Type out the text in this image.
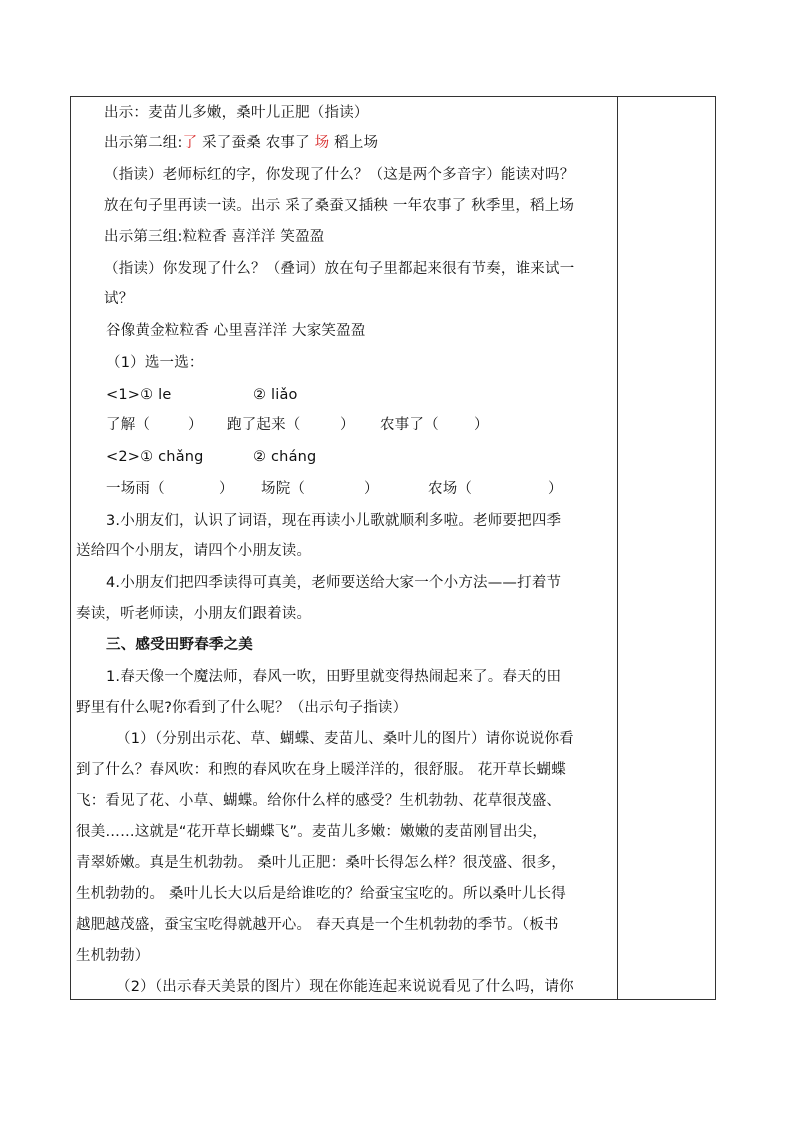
出示：麦苗儿多嫩，桑叶儿正肥（指读）
出示第二组:了 采了蚕桑 农事了 场 稻上场
（指读）老师标红的字，你发现了什么？（这是两个多音字）能读对吗？
放在句子里再读一读。出示 采了桑蚕又插秧 一年农事了 秋季里，稻上场
出示第三组:粒粒香 喜洋洋 笑盈盈
（指读）你发现了什么？（叠词）放在句子里都起来很有节奏，谁来试一
试？
谷像黄金粒粒香 心里喜洋洋 大家笑盈盈
（1）选一选：
<1>① le	② liǎo
了解（	） 跑了起来（	） 农事了（ ）
<2>① chǎng	② cháng
一场雨（	） 场院（	）	农场（	）
3.小朋友们，认识了词语，现在再读小儿歌就顺利多啦。老师要把四季
送给四个小朋友，请四个小朋友读。
4.小朋友们把四季读得可真美，老师要送给大家一个小方法——打着节
奏读，听老师读，小朋友们跟着读。
三、感受田野春季之美
1.春天像一个魔法师，春风一吹，田野里就变得热闹起来了。春天的田
野里有什么呢?你看到了什么呢？（出示句子指读）
（1）（分别出示花、草、蝴蝶、麦苗儿、桑叶儿的图片）请你说说你看
到了什么？春风吹：和煦的春风吹在身上暖洋洋的，很舒服。 花开草长蝴蝶
飞：看见了花、小草、蝴蝶。给你什么样的感受？生机勃勃、花草很茂盛、
很美……这就是“花开草长蝴蝶飞”。麦苗儿多嫩：嫩嫩的麦苗刚冒出尖，
青翠娇嫩。真是生机勃勃。 桑叶儿正肥：桑叶长得怎么样？很茂盛、很多，
生机勃勃的。 桑叶儿长大以后是给谁吃的？给蚕宝宝吃的。所以桑叶儿长得
越肥越茂盛，蚕宝宝吃得就越开心。 春天真是一个生机勃勃的季节。（板书
生机勃勃）
（2）（出示春天美景的图片）现在你能连起来说说看见了什么吗，请你
